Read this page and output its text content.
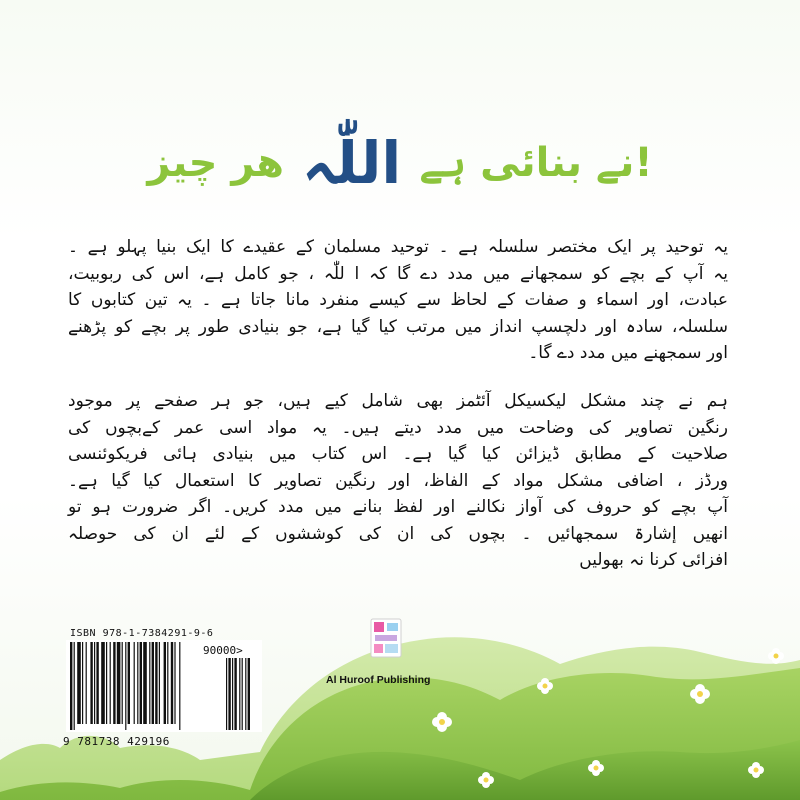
هر چیز اللّٰہ نے بنائی ہے!

یہ توحید پر ایک مختصر سلسلہ ہے ۔ توحید مسلمان کے عقیدے کا ایک بنیا پہلو ہے ۔
یہ آپ کے بچے کو سمجھانے میں مدد دے گا کہ ا للّٰہ ، جو کامل ہے، اس کی ربوبیت،
عبادت، اور اسماء و صفات کے لحاظ سے کیسے منفرد مانا جاتا ہے ۔ یہ تین کتابوں کا
سلسلہ، سادہ اور دلچسپ انداز میں مرتب کیا گیا ہے، جو بنیادی طور پر بچے کو پڑھنے
اور سمجھنے میں مدد دے گا۔

ہم نے چند مشکل لیکسیکل آئٹمز بھی شامل کیے ہیں، جو ہر صفحے پر موجود
رنگین تصاویر کی وضاحت میں مدد دیتے ہیں۔ یہ مواد اسی عمر کےبچوں کی
صلاحیت کے مطابق ڈیزائن کیا گیا ہے۔ اس کتاب میں بنیادی ہائی فریکوئنسی
ورڈز ، اضافی مشکل مواد کے الفاظ، اور رنگین تصاویر کا استعمال کیا گیا ہے۔
آپ بچے کو حروف کی آواز نکالنے اور لفظ بنانے میں مدد کریں۔ اگر ضرورت ہو تو
انھیں إشارۃ سمجھائیں ۔ بچوں کی ان کی کوششوں کے لئے ان کی حوصلہ
افزائی کرنا نہ بھولیں

ISBN 978-1-7384291-9-6
90000>
9 781738 429196
Al Huroof Publishing
